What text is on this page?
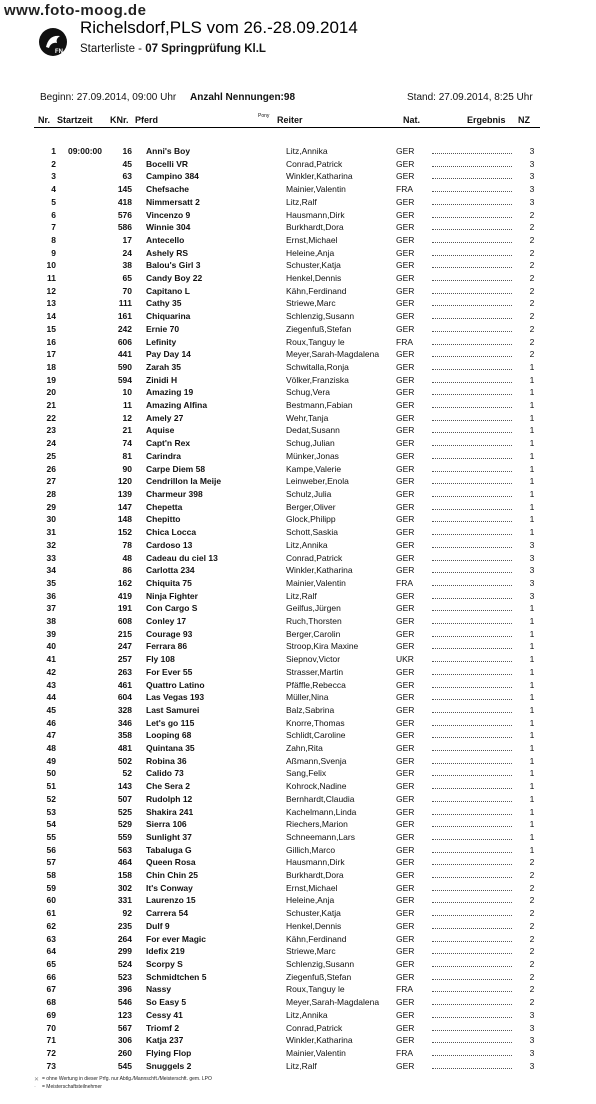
www.foto-moog.de
FN
Richelsdorf,PLS vom 26.-28.09.2014
Starterliste - 07 Springprüfung Kl.L
Beginn: 27.09.2014, 09:00 Uhr Anzahl Nennungen:98	Stand: 27.09.2014, 8:25 Uhr
Nr. Startzeit KNr. Pferd	Pony Reiter	Nat.	Ergebnis NZ
1	09:00:00	16	Anni's Boy	Litz,Annika	GER		3
2		45	Bocelli VR	Conrad,Patrick	GER		3
3		63	Campino 384	Winkler,Katharina	GER		3
4		145	Chefsache	Mainier,Valentin	FRA		3
5		418	Nimmersatt 2	Litz,Ralf	GER		3
6		576	Vincenzo 9	Hausmann,Dirk	GER		2
7		586	Winnie 304	Burkhardt,Dora	GER		2
8		17	Antecello	Ernst,Michael	GER		2
9		24	Ashely RS	Heleine,Anja	GER		2
10		38	Balou's Girl 3	Schuster,Katja	GER		2
11		65	Candy Boy 22	Henkel,Dennis	GER		2
12		70	Capitano L	Kähn,Ferdinand	GER		2
13		111	Cathy 35	Striewe,Marc	GER		2
14		161	Chiquarina	Schlenzig,Susann	GER		2
15		242	Ernie 70	Ziegenfuß,Stefan	GER		2
16		606	Lefinity	Roux,Tanguy le	FRA		2
17		441	Pay Day 14	Meyer,Sarah-Magdalena	GER		2
18		590	Zarah 35	Schwitalla,Ronja	GER		1
19		594	Zinidi H	Völker,Franziska	GER		1
20		10	Amazing 19	Schug,Vera	GER		1
21		11	Amazing Alfina	Bestmann,Fabian	GER		1
22		12	Amely 27	Wehr,Tanja	GER		1
23		21	Aquise	Dedat,Susann	GER		1
24		74	Capt'n Rex	Schug,Julian	GER		1
25		81	Carindra	Münker,Jonas	GER		1
26		90	Carpe Diem 58	Kampe,Valerie	GER		1
27		120	Cendrillon la Meije	Leinweber,Enola	GER		1
28		139	Charmeur 398	Schulz,Julia	GER		1
29		147	Chepetta	Berger,Oliver	GER		1
30		148	Chepitto	Glock,Philipp	GER		1
31		152	Chica Locca	Schott,Saskia	GER		1
32		78	Cardoso 13	Litz,Annika	GER		3
33		48	Cadeau du ciel 13	Conrad,Patrick	GER		3
34		86	Carlotta 234	Winkler,Katharina	GER		3
35		162	Chiquita 75	Mainier,Valentin	FRA		3
36		419	Ninja Fighter	Litz,Ralf	GER		3
37		191	Con Cargo S	Geilfus,Jürgen	GER		1
38		608	Conley 17	Ruch,Thorsten	GER		1
39		215	Courage 93	Berger,Carolin	GER		1
40		247	Ferrara 86	Stroop,Kira Maxine	GER		1
41		257	Fly 108	Siepnov,Victor	UKR		1
42		263	For Ever 55	Strasser,Martin	GER		1
43		461	Quattro Latino	Pfäffle,Rebecca	GER		1
44		604	Las Vegas 193	Müller,Nina	GER		1
45		328	Last Samurei	Balz,Sabrina	GER		1
46		346	Let's go 115	Knorre,Thomas	GER		1
47		358	Looping 68	Schlidt,Caroline	GER		1
48		481	Quintana 35	Zahn,Rita	GER		1
49		502	Robina 36	Aßmann,Svenja	GER		1
50		52	Calido 73	Sang,Felix	GER		1
51		143	Che Sera 2	Kohrock,Nadine	GER		1
52		507	Rudolph 12	Bernhardt,Claudia	GER		1
53		525	Shakira 241	Kachelmann,Linda	GER		1
54		529	Sierra 106	Riechers,Marion	GER		1
55		559	Sunlight 37	Schneemann,Lars	GER		1
56		563	Tabaluga G	Gillich,Marco	GER		1
57		464	Queen Rosa	Hausmann,Dirk	GER		2
58		158	Chin Chin 25	Burkhardt,Dora	GER		2
59		302	It's Conway	Ernst,Michael	GER		2
60		331	Laurenzo 15	Heleine,Anja	GER		2
61		92	Carrera 54	Schuster,Katja	GER		2
62		235	Dulf 9	Henkel,Dennis	GER		2
63		264	For ever Magic	Kähn,Ferdinand	GER		2
64		299	Idefix 219	Striewe,Marc	GER		2
65		524	Scorpy S	Schlenzig,Susann	GER		2
66		523	Schmidtchen 5	Ziegenfuß,Stefan	GER		2
67		396	Nassy	Roux,Tanguy le	FRA		2
68		546	So Easy 5	Meyer,Sarah-Magdalena	GER		2
69		123	Cessy 41	Litz,Annika	GER		3
70		567	Triomf 2	Conrad,Patrick	GER		3
71		306	Katja 237	Winkler,Katharina	GER		3
72		260	Flying Flop	Mainier,Valentin	FRA		3
73		545	Snuggels 2	Litz,Ralf	GER		3
✕ = ohne Wertung in dieser Prfg. nur Abtlg./Mannschft./Meisterschft. gem. LPO
· = Meisterschaftsteilnehmer
